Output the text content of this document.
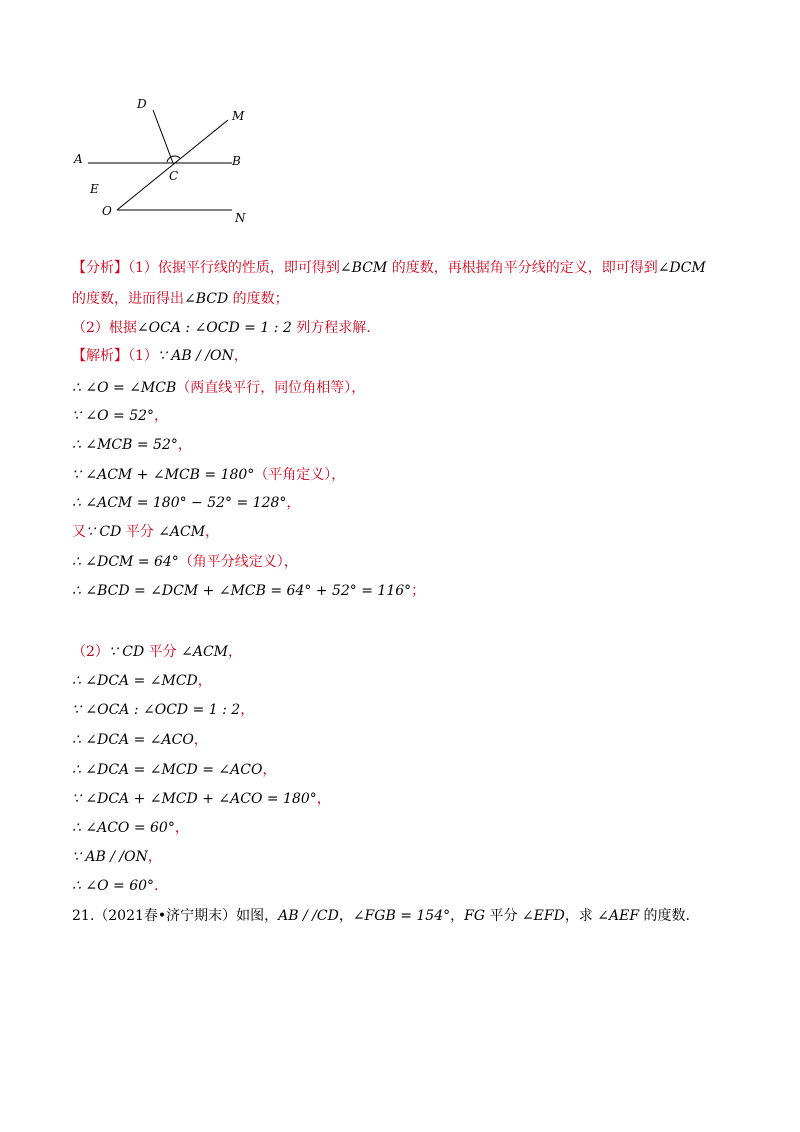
D
M
A
C
B
E
O	N
【分析】（1）依据平行线的性质，即可得到∠BCM 的度数，再根据角平分线的定义，即可得到∠DCM
的度数，进而得出∠BCD 的度数；
（2）根据∠OCA : ∠OCD = 1 : 2 列方程求解.
【解析】（1）∵ AB / /ON，
∴ ∠O = ∠MCB（两直线平行，同位角相等），
∵ ∠O = 52°，
∴ ∠MCB = 52°，
∵ ∠ACM + ∠MCB = 180°（平角定义），
∴ ∠ACM = 180° − 52° = 128°，
又∵ CD 平分 ∠ACM，
∴ ∠DCM = 64°（角平分线定义），
∴ ∠BCD = ∠DCM + ∠MCB = 64° + 52° = 116°；
（2）∵ CD 平分 ∠ACM，
∴ ∠DCA = ∠MCD，
∵ ∠OCA : ∠OCD = 1 : 2，
∴ ∠DCA = ∠ACO，
∴ ∠DCA = ∠MCD = ∠ACO，
∵ ∠DCA + ∠MCD + ∠ACO = 180°，
∴ ∠ACO = 60°，
∵ AB / /ON，
∴ ∠O = 60°．
21.（2021春•济宁期末）如图，AB / /CD，∠FGB = 154°，FG 平分 ∠EFD，求 ∠AEF 的度数.
